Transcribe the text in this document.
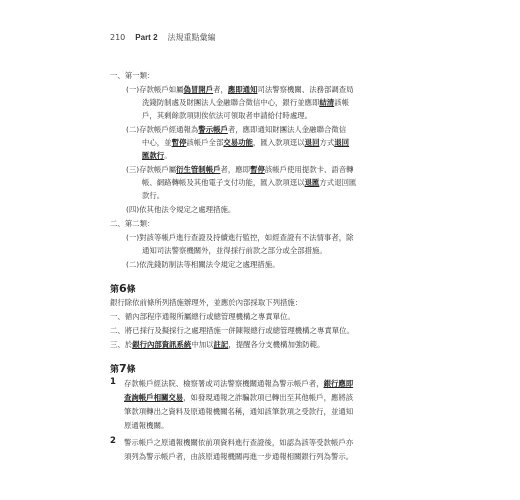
210 Part 2 法規重點彙編
一、第一類：
(一)存款帳戶如屬偽冒開戶者，應即通知司法警察機關、法務部調查局
洗錢防制處及財團法人金融聯合徵信中心，銀行並應即結清該帳
戶，其剩餘款項則俟依法可領取者申請給付時處理。
(二)存款帳戶經通報為警示帳戶者，應即通知財團法人金融聯合徵信
中心，並暫停該帳戶全部交易功能，匯入款項逕以退回方式退回
匯款行。
(三)存款帳戶屬衍生管制帳戶者，應即暫停該帳戶使用提款卡、語音轉
帳、網路轉帳及其他電子支付功能，匯入款項逕以退匯方式退回匯
款行。
(四)依其他法令規定之處理措施。
二、第二類：
(一)對該等帳戶進行查證及持續進行監控，如經查證有不法情事者，除
通知司法警察機關外，並得採行前款之部分或全部措施。
(二)依洗錢防制法等相關法令規定之處理措施。
第6條
銀行除依前條所列措施辦理外，並應於內部採取下列措施：
一、循內部程序通報所屬總行或總管理機構之專責單位。
二、將已採行及擬採行之處理措施一併陳報總行或總管理機構之專責單位。
三、於銀行內部資訊系統中加以註記，提醒各分支機構加強防範。
第7條
1 存款帳戶經法院、檢察署或司法警察機關通報為警示帳戶者，銀行應即
查詢帳戶相關交易，如發現通報之詐騙款項已轉出至其他帳戶，應將該
筆款項轉出之資料及原通報機關名稱，通知該筆款項之受款行，並通知
原通報機關。
2 警示帳戶之原通報機關依前項資料進行查證後，如認為該等受款帳戶亦
須列為警示帳戶者，由該原通報機關再進一步通報相關銀行列為警示。
